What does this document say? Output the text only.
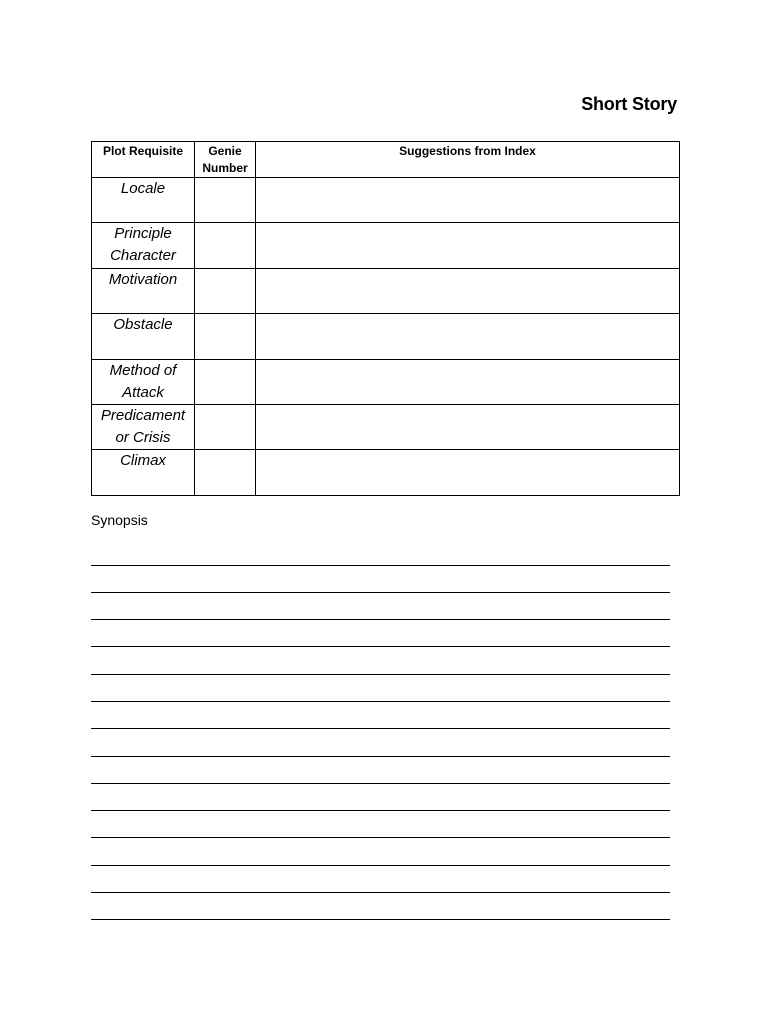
Short Story
Plot Requisite	Genie Number	Suggestions from Index
Locale		
Principle Character		
Motivation		
Obstacle		
Method of Attack		
Predicament or Crisis		
Climax		
Synopsis
